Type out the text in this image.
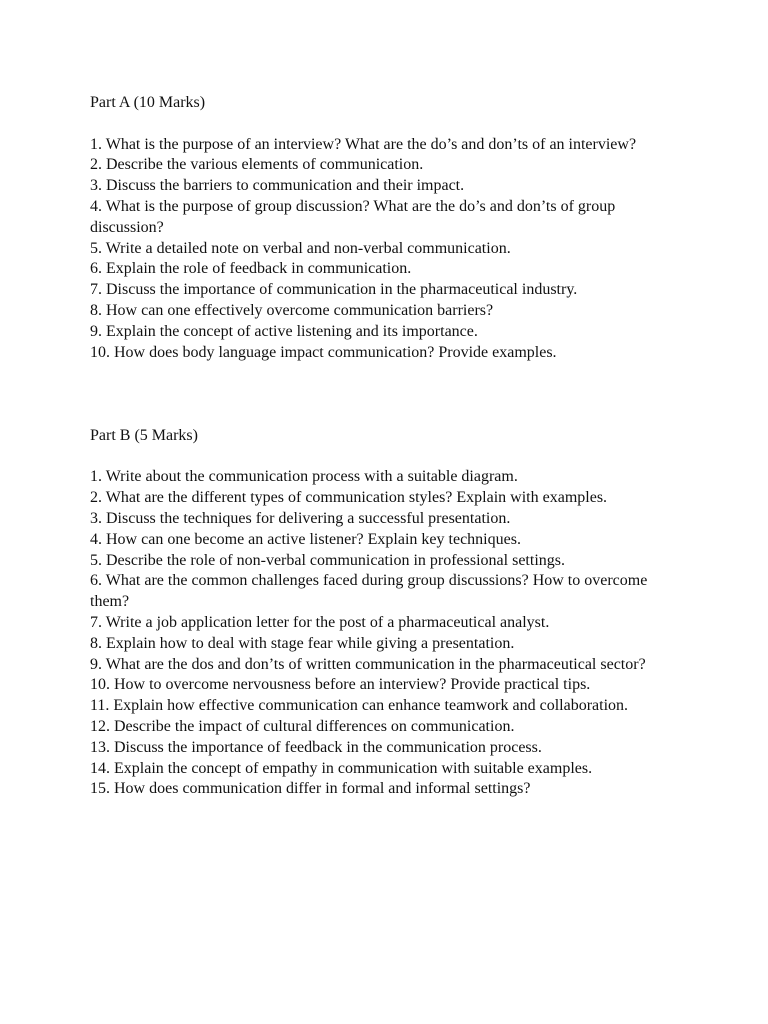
Part A (10 Marks)

1. What is the purpose of an interview? What are the do’s and don’ts of an interview?
2. Describe the various elements of communication.
3. Discuss the barriers to communication and their impact.
4. What is the purpose of group discussion? What are the do’s and don’ts of group discussion?
5. Write a detailed note on verbal and non-verbal communication.
6. Explain the role of feedback in communication.
7. Discuss the importance of communication in the pharmaceutical industry.
8. How can one effectively overcome communication barriers?
9. Explain the concept of active listening and its importance.
10. How does body language impact communication? Provide examples.

Part B (5 Marks)

1. Write about the communication process with a suitable diagram.
2. What are the different types of communication styles? Explain with examples.
3. Discuss the techniques for delivering a successful presentation.
4. How can one become an active listener? Explain key techniques.
5. Describe the role of non-verbal communication in professional settings.
6. What are the common challenges faced during group discussions? How to overcome them?
7. Write a job application letter for the post of a pharmaceutical analyst.
8. Explain how to deal with stage fear while giving a presentation.
9. What are the dos and don’ts of written communication in the pharmaceutical sector?
10. How to overcome nervousness before an interview? Provide practical tips.
11. Explain how effective communication can enhance teamwork and collaboration.
12. Describe the impact of cultural differences on communication.
13. Discuss the importance of feedback in the communication process.
14. Explain the concept of empathy in communication with suitable examples.
15. How does communication differ in formal and informal settings?
